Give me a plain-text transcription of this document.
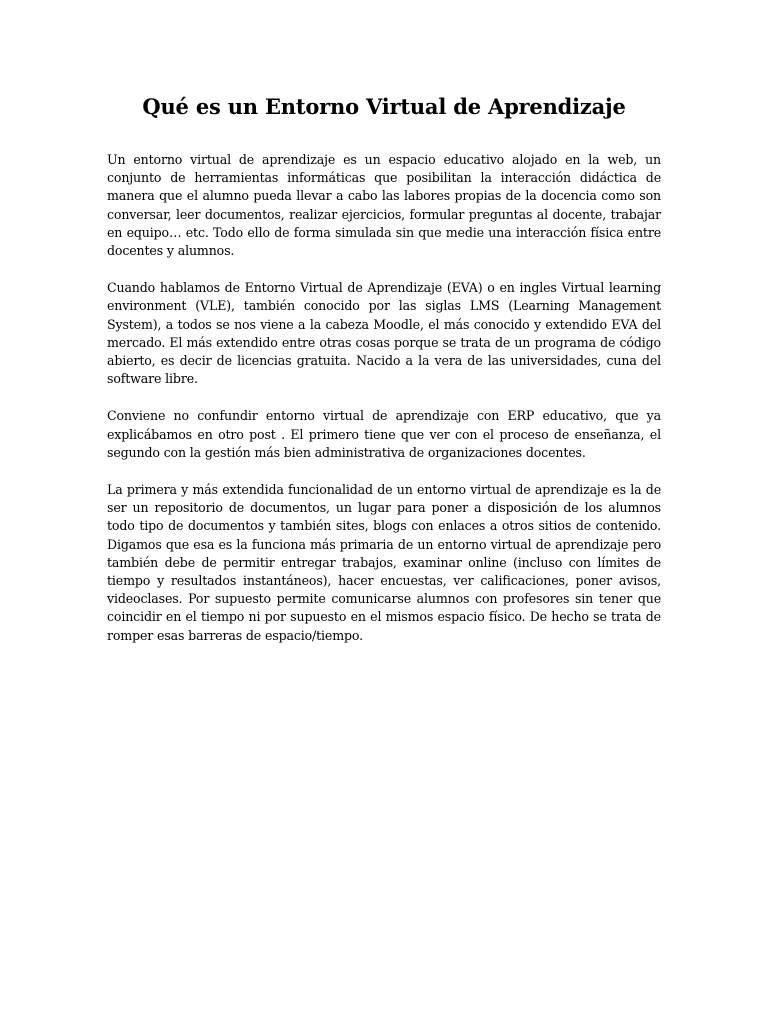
Qué es un Entorno Virtual de Aprendizaje

Un entorno virtual de aprendizaje es un espacio educativo alojado en la web, un conjunto de herramientas informáticas que posibilitan la interacción didáctica de manera que el alumno pueda llevar a cabo las labores propias de la docencia como son conversar, leer documentos, realizar ejercicios, formular preguntas al docente, trabajar en equipo… etc. Todo ello de forma simulada sin que medie una interacción física entre docentes y alumnos.

Cuando hablamos de Entorno Virtual de Aprendizaje (EVA) o en ingles Virtual learning environment (VLE), también conocido por las siglas LMS (Learning Management System), a todos se nos viene a la cabeza Moodle, el más conocido y extendido EVA del mercado. El más extendido entre otras cosas porque se trata de un programa de código abierto, es decir de licencias gratuita. Nacido a la vera de las universidades, cuna del software libre.

Conviene no confundir entorno virtual de aprendizaje con ERP educativo, que ya explicábamos en otro post . El primero tiene que ver con el proceso de enseñanza, el segundo con la gestión más bien administrativa de organizaciones docentes.

La primera y más extendida funcionalidad de un entorno virtual de aprendizaje es la de ser un repositorio de documentos, un lugar para poner a disposición de los alumnos todo tipo de documentos y también sites, blogs con enlaces a otros sitios de contenido. Digamos que esa es la funciona más primaria de un entorno virtual de aprendizaje pero también debe de permitir entregar trabajos, examinar online (incluso con límites de tiempo y resultados instantáneos), hacer encuestas, ver calificaciones, poner avisos, videoclases. Por supuesto permite comunicarse alumnos con profesores sin tener que coincidir en el tiempo ni por supuesto en el mismos espacio físico. De hecho se trata de romper esas barreras de espacio/tiempo.
